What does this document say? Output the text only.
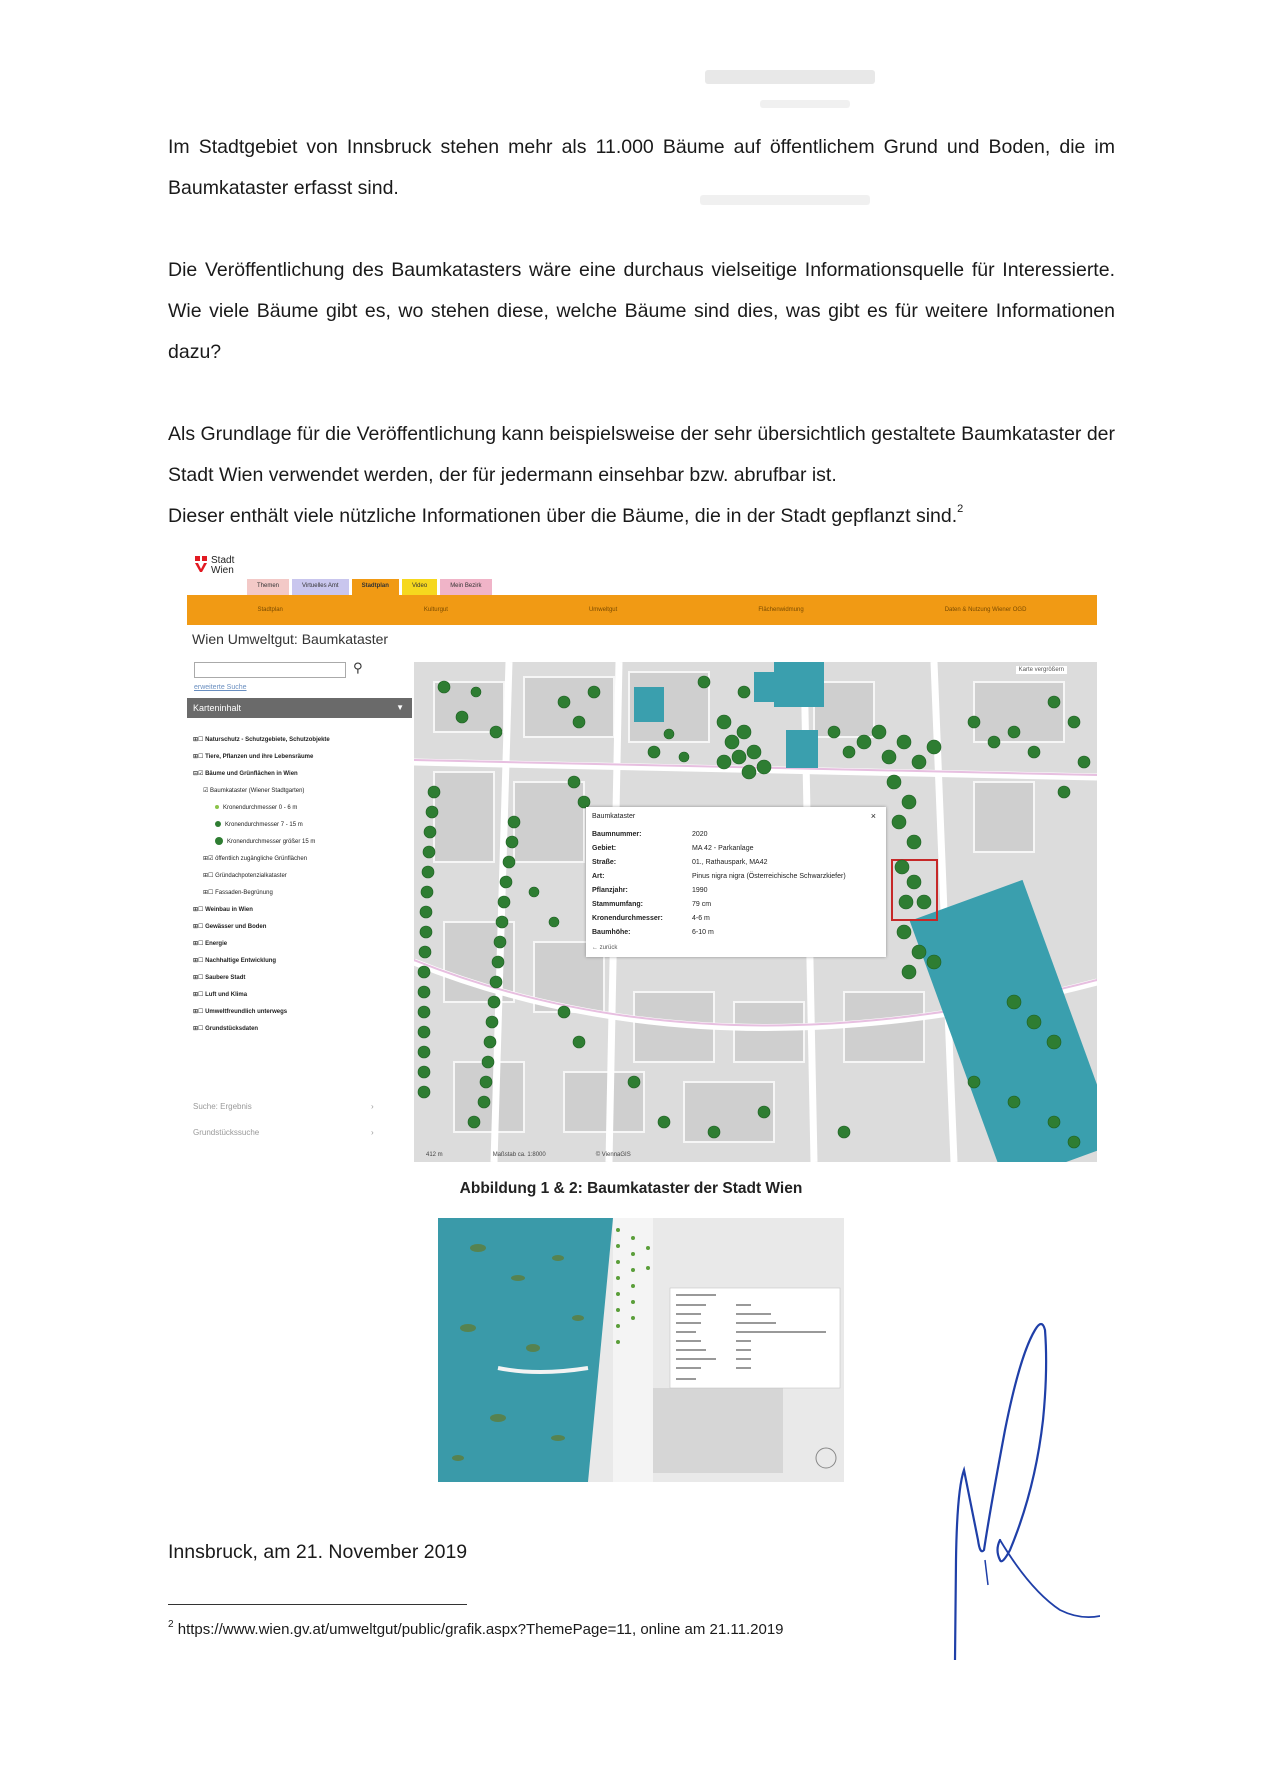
Im Stadtgebiet von Innsbruck stehen mehr als 11.000 Bäume auf öffentlichem Grund und Boden, die im Baumkataster erfasst sind.

Die Veröffentlichung des Baumkatasters wäre eine durchaus vielseitige Informationsquelle für Interessierte. Wie viele Bäume gibt es, wo stehen diese, welche Bäume sind dies, was gibt es für weitere Informationen dazu?

Als Grundlage für die Veröffentlichung kann beispielsweise der sehr übersichtlich gestaltete Baumkataster der Stadt Wien verwendet werden, der für jedermann einsehbar bzw. abrufbar ist.
Dieser enthält viele nützliche Informationen über die Bäume, die in der Stadt gepflanzt sind.$^2$
Stadt
Wien
Themen	Virtuelles Amt	Stadtplan	Video	Mein Bezirk
Stadtplan	Kulturgut	Umweltgut	Flächenwidmung	Daten & Nutzung Wiener OGD
Wien Umweltgut: Baumkataster
⚲
erweiterte Suche
Karteninhalt	▼
⊞☐ Naturschutz - Schutzgebiete, Schutzobjekte
⊞☐ Tiere, Pflanzen und ihre Lebensräume
⊟☑ Bäume und Grünflächen in Wien
☑ Baumkataster (Wiener Stadtgarten)
Kronendurchmesser 0 - 6 m
Kronendurchmesser 7 - 15 m
Kronendurchmesser größer 15 m
⊞☑ öffentlich zugängliche Grünflächen
⊞☐ Gründachpotenzialkataster
⊞☐ Fassaden-Begrünung
⊞☐ Weinbau in Wien
⊞☐ Gewässer und Boden
⊞☐ Energie
⊞☐ Nachhaltige Entwicklung
⊞☐ Saubere Stadt
⊞☐ Luft und Klima
⊞☐ Umweltfreundlich unterwegs
⊞☐ Grundstücksdaten
Suche: Ergebnis	›
Grundstückssuche	›
Baumkataster	×
Baumnummer:	2020
Gebiet:	MA 42 - Parkanlage
Straße:	01., Rathauspark, MA42
Art:	Pinus nigra nigra (Österreichische Schwarzkiefer)
Pflanzjahr:	1990
Stammumfang:	79 cm
Kronendurchmesser:	4-6 m
Baumhöhe:	6-10 m
← zurück
Karte vergrößern
412 m	Maßstab ca. 1:8000	© ViennaGIS
Abbildung 1 & 2: Baumkataster der Stadt Wien
Innsbruck, am 21. November 2019
$^2$ https://www.wien.gv.at/umweltgut/public/grafik.aspx?ThemePage=11, online am 21.11.2019
